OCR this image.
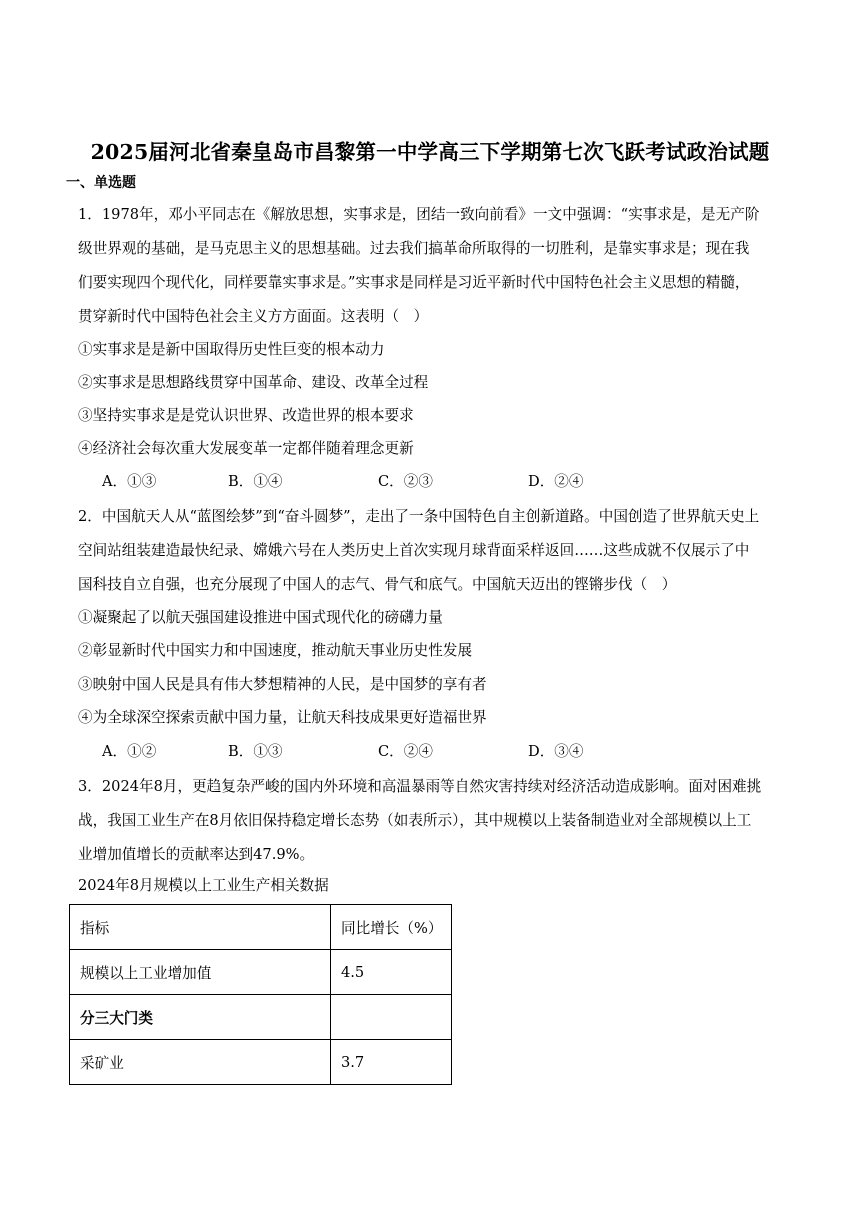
2025届河北省秦皇岛市昌黎第一中学高三下学期第七次飞跃考试政治试题
一、单选题
1．1978年，邓小平同志在《解放思想，实事求是，团结一致向前看》一文中强调：“实事求是，是无产阶
级世界观的基础，是马克思主义的思想基础。过去我们搞革命所取得的一切胜利，是靠实事求是；现在我
们要实现四个现代化，同样要靠实事求是。”实事求是同样是习近平新时代中国特色社会主义思想的精髓，
贯穿新时代中国特色社会主义方方面面。这表明（　）
①实事求是是新中国取得历史性巨变的根本动力
②实事求是思想路线贯穿中国革命、建设、改革全过程
③坚持实事求是是党认识世界、改造世界的根本要求
④经济社会每次重大发展变革一定都伴随着理念更新
A．①③	B．①④	C．②③	D．②④
2．中国航天人从“蓝图绘梦”到“奋斗圆梦”，走出了一条中国特色自主创新道路。中国创造了世界航天史上
空间站组装建造最快纪录、嫦娥六号在人类历史上首次实现月球背面采样返回……这些成就不仅展示了中
国科技自立自强，也充分展现了中国人的志气、骨气和底气。中国航天迈出的铿锵步伐（　）
①凝聚起了以航天强国建设推进中国式现代化的磅礴力量
②彰显新时代中国实力和中国速度，推动航天事业历史性发展
③映射中国人民是具有伟大梦想精神的人民，是中国梦的享有者
④为全球深空探索贡献中国力量，让航天科技成果更好造福世界
A．①②	B．①③	C．②④	D．③④
3．2024年8月，更趋复杂严峻的国内外环境和高温暴雨等自然灾害持续对经济活动造成影响。面对困难挑
战，我国工业生产在8月依旧保持稳定增长态势（如表所示），其中规模以上装备制造业对全部规模以上工
业增加值增长的贡献率达到47.9%。
2024年8月规模以上工业生产相关数据
指标	同比增长（%）
规模以上工业增加值	4.5
分三大门类	
采矿业	3.7
